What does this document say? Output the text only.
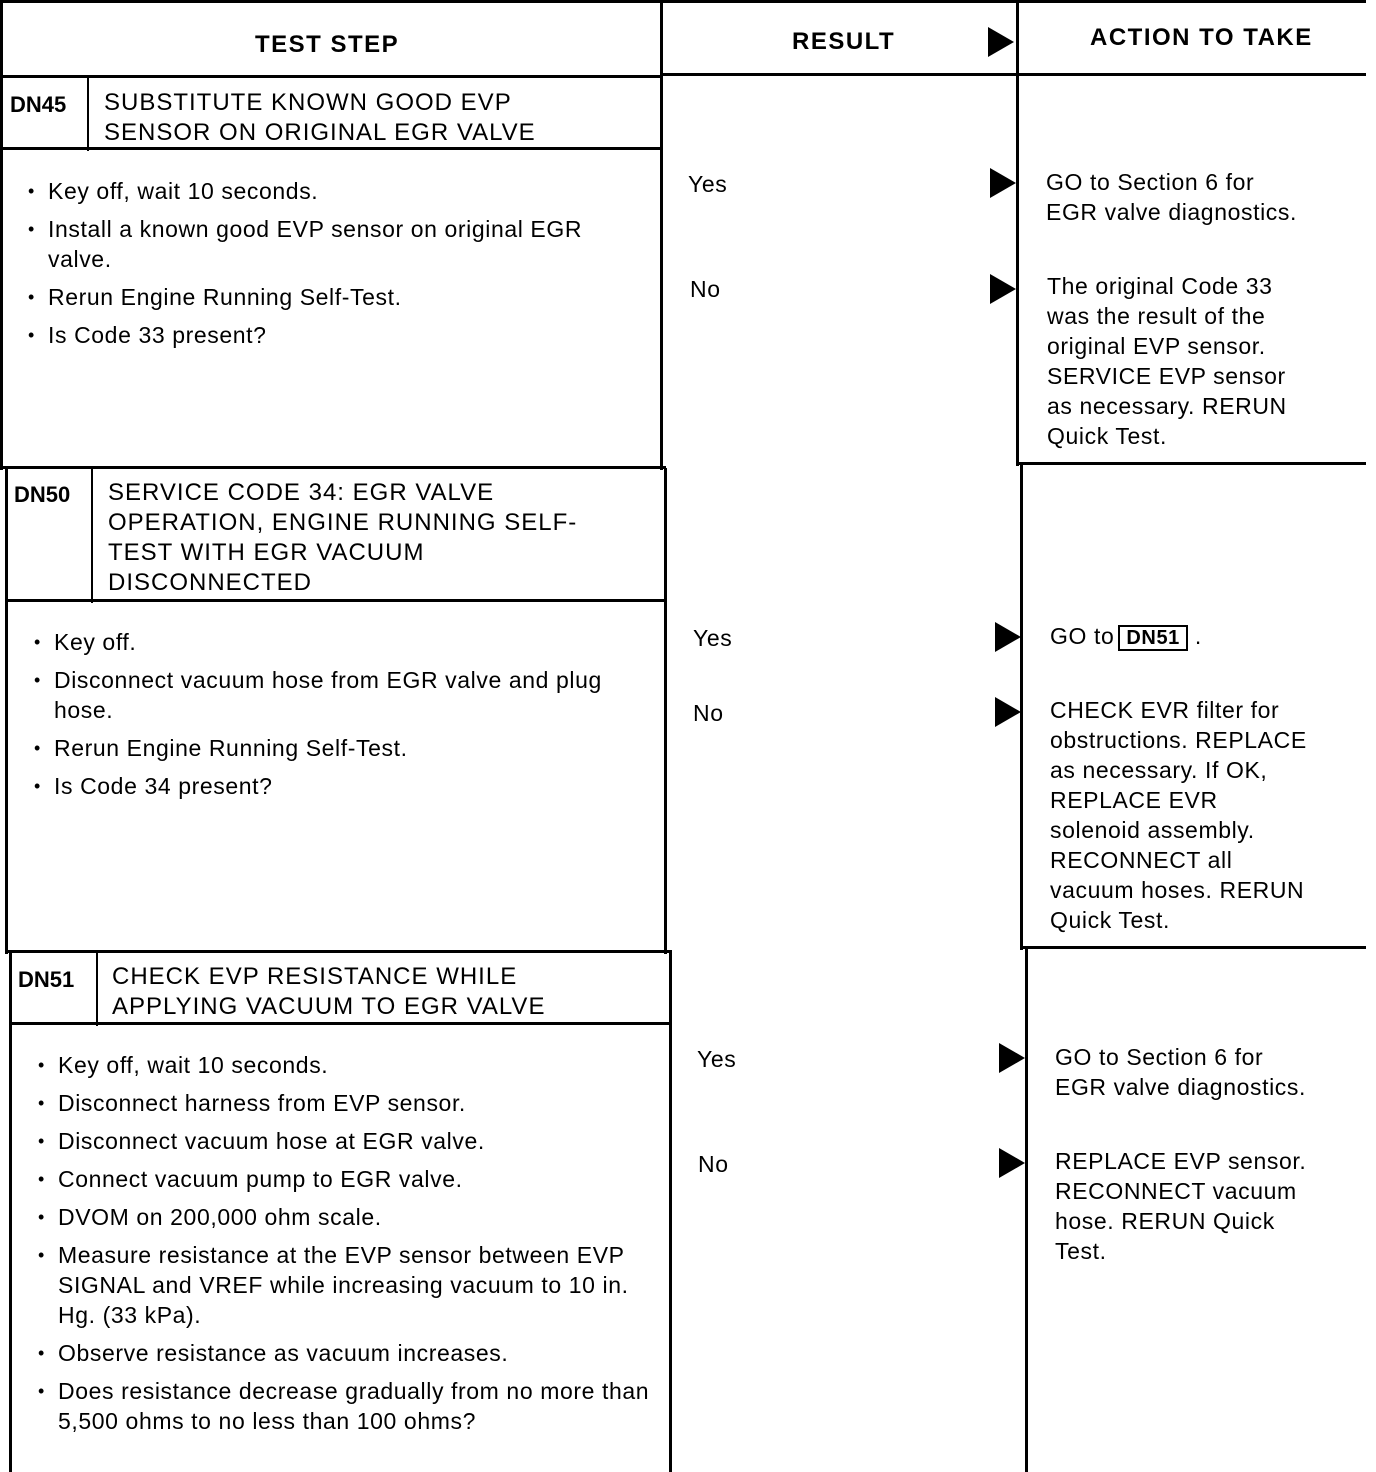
TEST STEP	RESULT	ACTION TO TAKE
DN45 SUBSTITUTE KNOWN GOOD EVP
SENSOR ON ORIGINAL EGR VALVE
• Key off, wait 10 seconds.
• Install a known good EVP sensor on original EGR valve.
• Rerun Engine Running Self-Test.
• Is Code 33 present?
Yes	GO to Section 6 for
EGR valve diagnostics.
No	The original Code 33
was the result of the
original EVP sensor.
SERVICE EVP sensor
as necessary. RERUN
Quick Test.
DN50 SERVICE CODE 34: EGR VALVE
OPERATION, ENGINE RUNNING SELF-
TEST WITH EGR VACUUM
DISCONNECTED
• Key off.
• Disconnect vacuum hose from EGR valve and plug hose.
• Rerun Engine Running Self-Test.
• Is Code 34 present?
Yes	GO to DN51 .
No	CHECK EVR filter for
obstructions. REPLACE
as necessary. If OK,
REPLACE EVR
solenoid assembly.
RECONNECT all
vacuum hoses. RERUN
Quick Test.
DN51 CHECK EVP RESISTANCE WHILE
APPLYING VACUUM TO EGR VALVE
• Key off, wait 10 seconds.
• Disconnect harness from EVP sensor.
• Disconnect vacuum hose at EGR valve.
• Connect vacuum pump to EGR valve.
• DVOM on 200,000 ohm scale.
• Measure resistance at the EVP sensor between EVP SIGNAL and VREF while increasing vacuum to 10 in. Hg. (33 kPa).
• Observe resistance as vacuum increases.
• Does resistance decrease gradually from no more than 5,500 ohms to no less than 100 ohms?
Yes	GO to Section 6 for
EGR valve diagnostics.
No	REPLACE EVP sensor.
RECONNECT vacuum
hose. RERUN Quick
Test.
